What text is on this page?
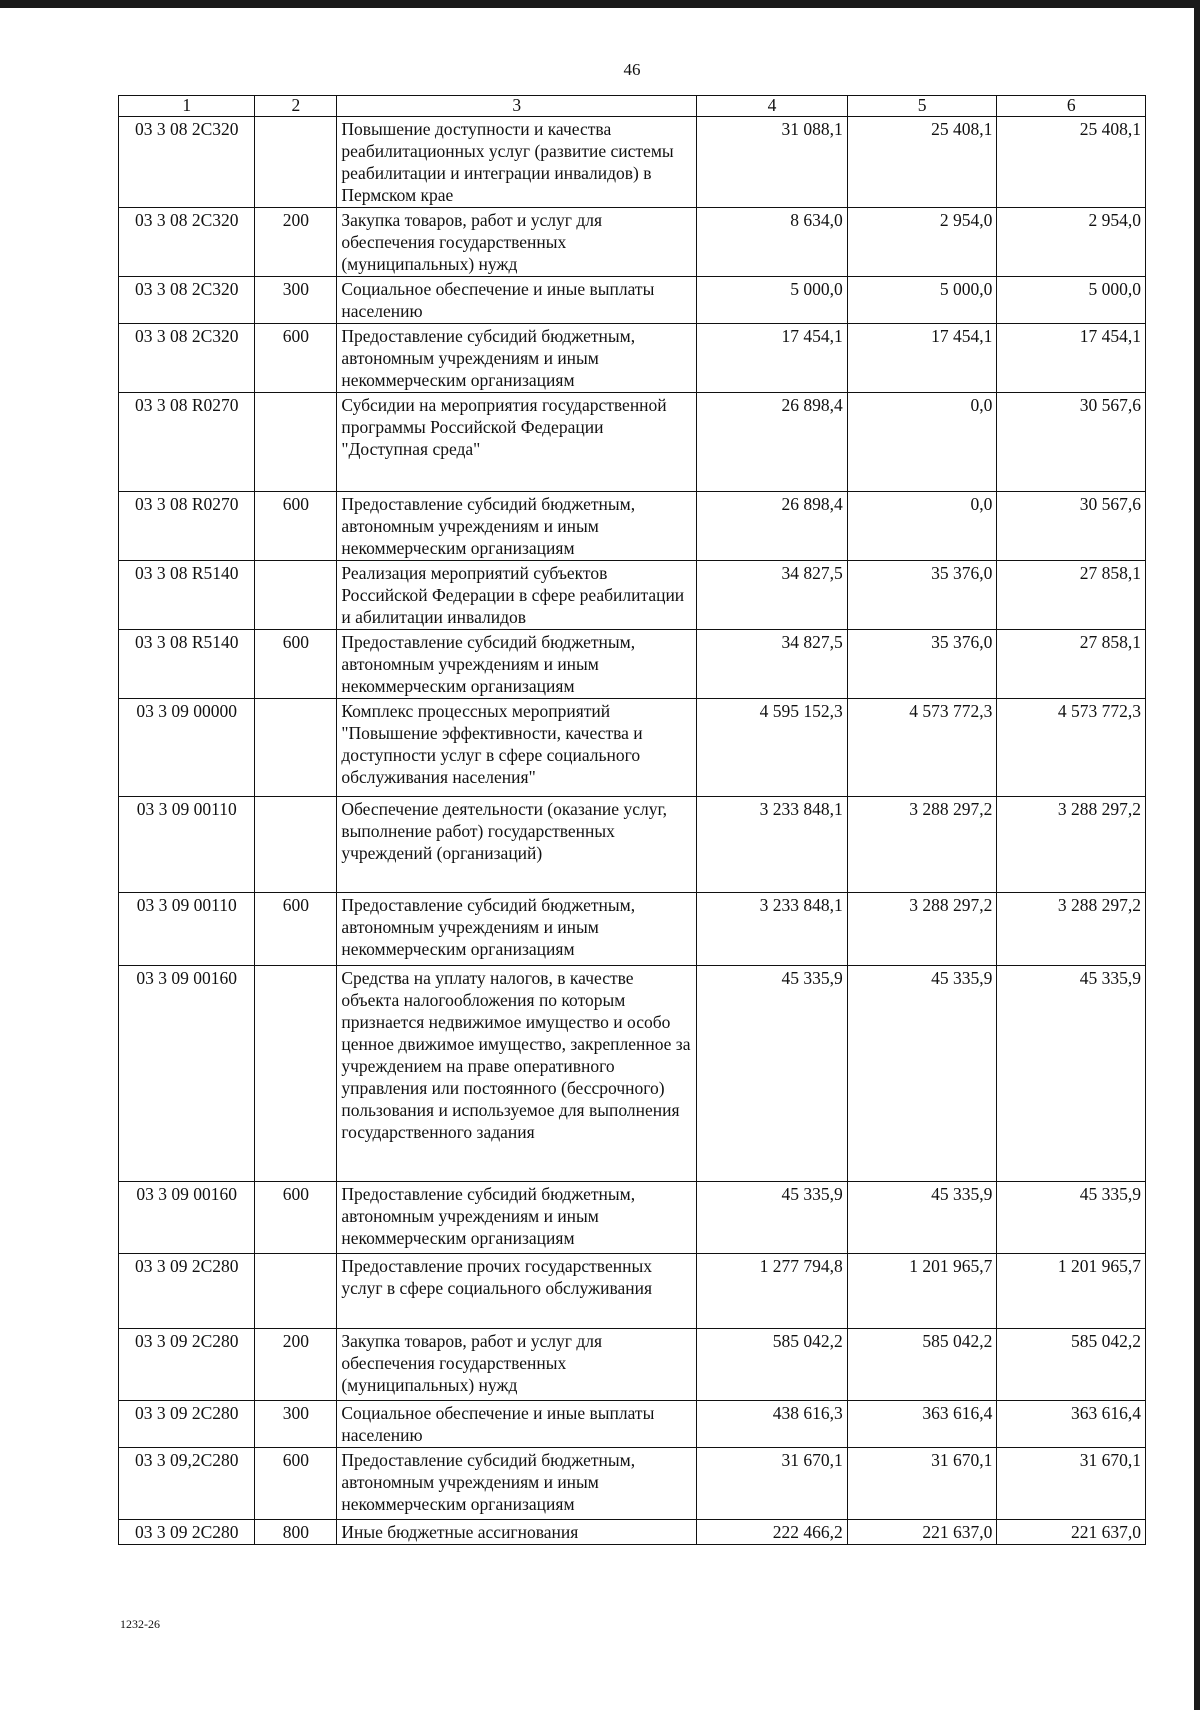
46
1	2	3	4	5	6
03 3 08 2С320		Повышение доступности и качества реабилитационных услуг (развитие системы реабилитации и интеграции инвалидов) в Пермском крае	31 088,1	25 408,1	25 408,1
03 3 08 2С320	200	Закупка товаров, работ и услуг для обеспечения государственных (муниципальных) нужд	8 634,0	2 954,0	2 954,0
03 3 08 2С320	300	Социальное обеспечение и иные выплаты населению	5 000,0	5 000,0	5 000,0
03 3 08 2С320	600	Предоставление субсидий бюджетным, автономным учреждениям и иным некоммерческим организациям	17 454,1	17 454,1	17 454,1
03 3 08 R0270		Субсидии на мероприятия государственной программы Российской Федерации "Доступная среда"	26 898,4	0,0	30 567,6
03 3 08 R0270	600	Предоставление субсидий бюджетным, автономным учреждениям и иным некоммерческим организациям	26 898,4	0,0	30 567,6
03 3 08 R5140		Реализация мероприятий субъектов Российской Федерации в сфере реабилитации и абилитации инвалидов	34 827,5	35 376,0	27 858,1
03 3 08 R5140	600	Предоставление субсидий бюджетным, автономным учреждениям и иным некоммерческим организациям	34 827,5	35 376,0	27 858,1
03 3 09 00000		Комплекс процессных мероприятий "Повышение эффективности, качества и доступности услуг в сфере социального обслуживания населения"	4 595 152,3	4 573 772,3	4 573 772,3
03 3 09 00110		Обеспечение деятельности (оказание услуг, выполнение работ) государственных учреждений (организаций)	3 233 848,1	3 288 297,2	3 288 297,2
03 3 09 00110	600	Предоставление субсидий бюджетным, автономным учреждениям и иным некоммерческим организациям	3 233 848,1	3 288 297,2	3 288 297,2
03 3 09 00160		Средства на уплату налогов, в качестве объекта налогообложения по которым признается недвижимое имущество и особо ценное движимое имущество, закрепленное за учреждением на праве оперативного управления или постоянного (бессрочного) пользования и используемое для выполнения государственного задания	45 335,9	45 335,9	45 335,9
03 3 09 00160	600	Предоставление субсидий бюджетным, автономным учреждениям и иным некоммерческим организациям	45 335,9	45 335,9	45 335,9
03 3 09 2С280		Предоставление прочих государственных услуг в сфере социального обслуживания	1 277 794,8	1 201 965,7	1 201 965,7
03 3 09 2С280	200	Закупка товаров, работ и услуг для обеспечения государственных (муниципальных) нужд	585 042,2	585 042,2	585 042,2
03 3 09 2С280	300	Социальное обеспечение и иные выплаты населению	438 616,3	363 616,4	363 616,4
03 3 09,2С280	600	Предоставление субсидий бюджетным, автономным учреждениям и иным некоммерческим организациям	31 670,1	31 670,1	31 670,1
03 3 09 2С280	800	Иные бюджетные ассигнования	222 466,2	221 637,0	221 637,0
1232-26
